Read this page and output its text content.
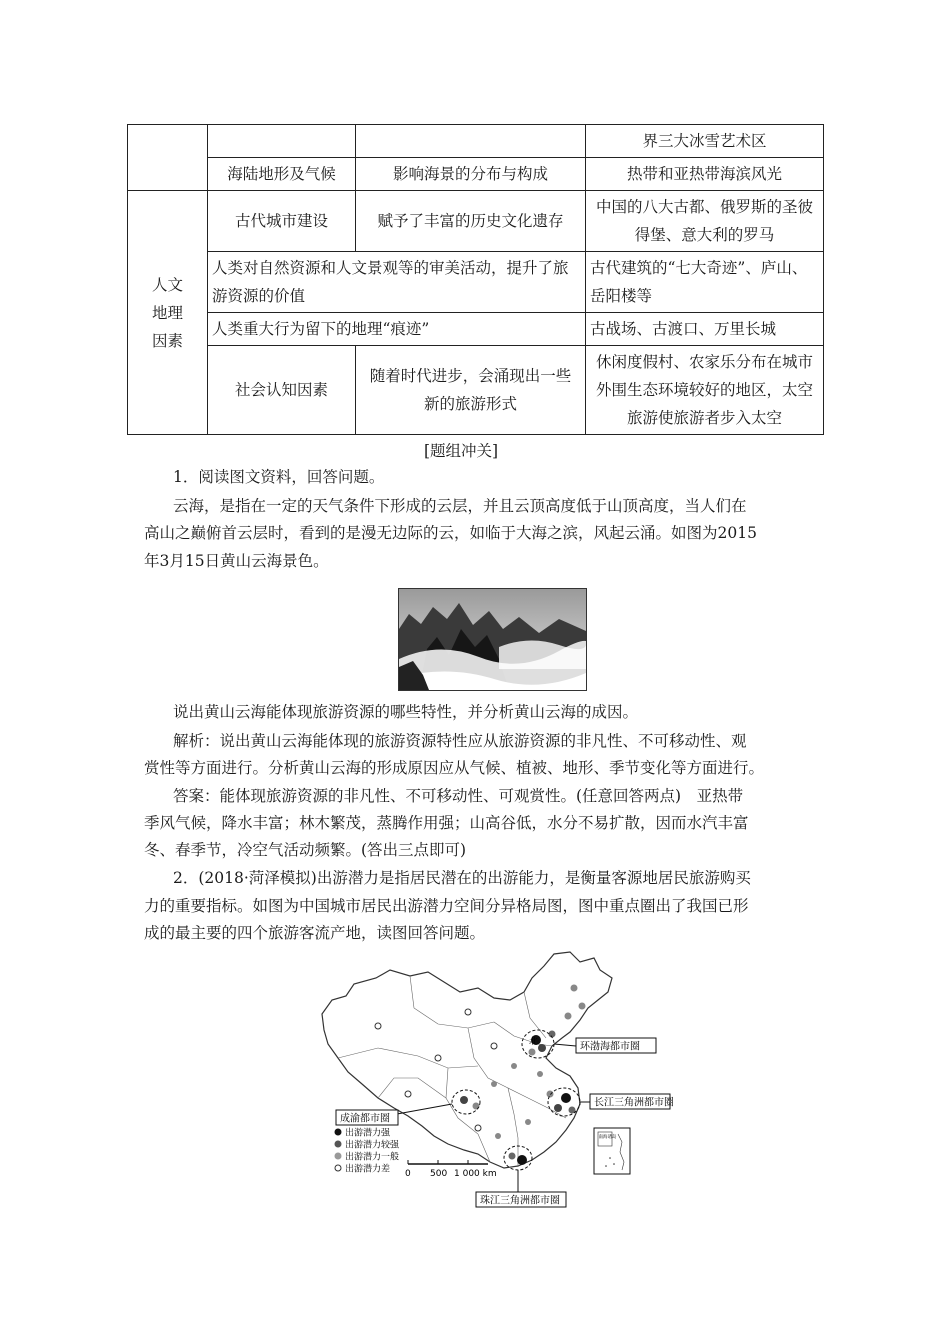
			界三大冰雪艺术区
	海陆地形及气候	影响海景的分布与构成	热带和亚热带海滨风光
人文地理因素	古代城市建设	赋予了丰富的历史文化遗存	中国的八大古都、俄罗斯的圣彼得堡、意大利的罗马
	人类对自然资源和人文景观等的审美活动，提升了旅游资源的价值		古代建筑的“七大奇迹”、庐山、岳阳楼等
	人类重大行为留下的地理“痕迹”		古战场、古渡口、万里长城
	社会认知因素	随着时代进步，会涌现出一些新的旅游形式	休闲度假村、农家乐分布在城市外围生态环境较好的地区，太空旅游使旅游者步入太空
[题组冲关]
1．阅读图文资料，回答问题。
云海，是指在一定的天气条件下形成的云层，并且云顶高度低于山顶高度，当人们在
高山之巅俯首云层时，看到的是漫无边际的云，如临于大海之滨，风起云涌。如图为2015
年3月15日黄山云海景色。
说出黄山云海能体现旅游资源的哪些特性，并分析黄山云海的成因。
解析：说出黄山云海能体现的旅游资源特性应从旅游资源的非凡性、不可移动性、观
赏性等方面进行。分析黄山云海的形成原因应从气候、植被、地形、季节变化等方面进行。
答案：能体现旅游资源的非凡性、不可移动性、可观赏性。(任意回答两点)　亚热带
季风气候，降水丰富；林木繁茂，蒸腾作用强；山高谷低，水分不易扩散，因而水汽丰富
冬、春季节，冷空气活动频繁。(答出三点即可)
2．(2018·菏泽模拟)出游潜力是指居民潜在的出游能力，是衡量客源地居民旅游购买
力的重要指标。如图为中国城市居民出游潜力空间分异格局图，图中重点圈出了我国已形
成的最主要的四个旅游客流产地，读图回答问题。
环渤海都市圈
长江三角洲都市圈
成渝都市圈
珠江三角洲都市圈
北
出游潜力强
出游潜力较强
出游潜力一般
出游潜力差 0 500 1 000 km
南海诸岛
